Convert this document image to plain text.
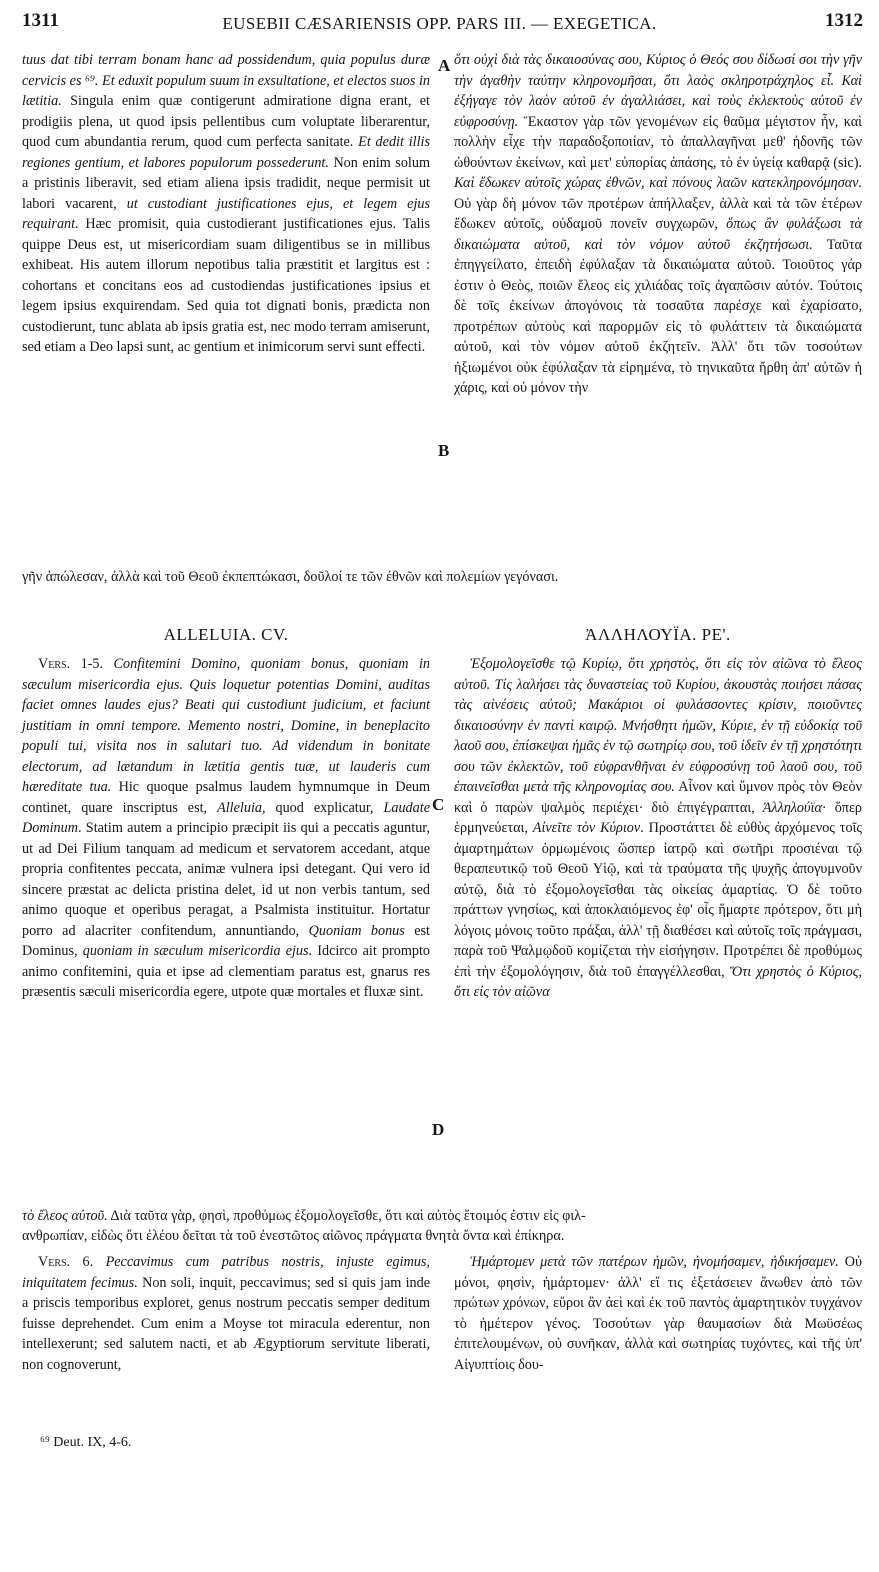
1311	EUSEBII CÆSARIENSIS OPP. PARS III. — EXEGETICA.	1312

tuus dat tibi terram bonam hanc ad possidendum, quia populus duræ cervicis es ⁶⁹. Et eduxit populum suum in exsultatione, et electos suos in lætitia. Singula enim quæ contigerunt admiratione digna erant, et prodigiis plena, ut quod ipsis pellentibus cum voluptate liberarentur, quod cum abundantia rerum, quod cum perfecta sanitate. Et dedit illis regiones gentium, et labores populorum possederunt. Non enim solum a pristinis liberavit, sed etiam aliena ipsis tradidit, neque permisit ut labori vacarent, ut custodiant justificationes ejus, et legem ejus requirant. Hæc promisit, quia custodierant justificationes ejus. Talis quippe Deus est, ut misericordiam suam diligentibus se in millibus exhibeat. His autem illorum nepotibus talia præstitit et largitus est : cohortans et concitans eos ad custodiendas justificationes ipsius et legem ipsius exquirendam. Sed quia tot dignati bonis, prædicta non custodierunt, tunc ablata ab ipsis gratia est, nec modo terram amiserunt, sed etiam a Deo lapsi sunt, ac gentium et inimicorum servi sunt effecti.

ὅτι οὐχὶ διὰ τὰς δικαιοσύνας σου, Κύριος ὁ Θεός σου δίδωσί σοι τὴν γῆν τὴν ἀγαθὴν ταύτην κληρονομῆσαι, ὅτι λαὸς σκληροτράχηλος εἶ. Καὶ ἐξήγαγε τὸν λαὸν αὐτοῦ ἐν ἀγαλλιάσει, καὶ τοὺς ἐκλεκτοὺς αὐτοῦ ἐν εὐφροσύνῃ. Ἕκαστον γὰρ τῶν γενομένων εἰς θαῦμα μέγιστον ἦν, καὶ πολλὴν εἶχε τὴν παραδοξοποιίαν, τὸ ἀπαλλαγῆναι μεθ' ἡδονῆς τῶν ὠθούντων ἐκείνων, καὶ μετ' εὐπορίας ἁπάσης, τὸ ἐν ὑγείᾳ καθαρᾷ (sic). Καὶ ἔδωκεν αὐτοῖς χώρας ἐθνῶν, καὶ πόνους λαῶν κατεκληρονόμησαν. Οὐ γὰρ δὴ μόνον τῶν προτέρων ἀπήλλαξεν, ἀλλὰ καὶ τὰ τῶν ἑτέρων ἔδωκεν αὐτοῖς, οὐδαμοῦ πονεῖν συγχωρῶν, ὅπως ἂν φυλάξωσι τὰ δικαιώματα αὐτοῦ, καὶ τὸν νόμον αὐτοῦ ἐκζητήσωσι. Ταῦτα ἐπηγγείλατο, ἐπειδὴ ἐφύλαξαν τὰ δικαιώματα αὐτοῦ. Τοιοῦτος γάρ ἐστιν ὁ Θεὸς, ποιῶν ἔλεος εἰς χιλιάδας τοῖς ἀγαπῶσιν αὐτόν. Τούτοις δὲ τοῖς ἐκείνων ἀπογόνοις τὰ τοσαῦτα παρέσχε καὶ ἐχαρίσατο, προτρέπων αὐτοὺς καὶ παρορμῶν εἰς τὸ φυλάττειν τὰ δικαιώματα αὐτοῦ, καὶ τὸν νόμον αὐτοῦ ἐκζητεῖν. Ἀλλ' ὅτι τῶν τοσούτων ἠξιωμένοι οὐκ ἐφύλαξαν τὰ εἰρημένα, τὸ τηνικαῦτα ἤρθη ἀπ' αὐτῶν ἡ χάρις, καὶ οὐ μόνον τὴν

A
B
γῆν ἀπώλεσαν, ἀλλὰ καὶ τοῦ Θεοῦ ἐκπεπτώκασι, δοῦλοί τε τῶν ἐθνῶν καὶ πολεμίων γεγόνασι.
ALLELUIA. CV.	ἈΛΛΗΛΟΥΪΑ. ΡΕ'.

Vers. 1-5. Confitemini Domino, quoniam bonus, quoniam in sæculum misericordia ejus. Quis loquetur potentias Domini, auditas faciet omnes laudes ejus? Beati qui custodiunt judicium, et faciunt justitiam in omni tempore. Memento nostri, Domine, in beneplacito populi tui, visita nos in salutari tuo. Ad videndum in bonitate electorum, ad lætandum in lætitia gentis tuæ, ut lauderis cum hæreditate tua. Hic quoque psalmus laudem hymnumque in Deum continet, quare inscriptus est, Alleluia, quod explicatur, Laudate Dominum. Statim autem a principio præcipit iis qui a peccatis aguntur, ut ad Dei Filium tanquam ad medicum et servatorem accedant, atque propria confitentes peccata, animæ vulnera ipsi detegant. Qui vero id sincere præstat ac delicta pristina delet, id ut non verbis tantum, sed animo quoque et operibus peragat, a Psalmista instituitur. Hortatur porro ad alacriter confitendum, annuntiando, Quoniam bonus est Dominus, quoniam in sæculum misericordia ejus. Idcirco ait prompto animo confitemini, quia et ipse ad clementiam paratus est, gnarus res præsentis sæculi misericordia egere, utpote quæ mortales et fluxæ sint.

Ἐξομολογεῖσθε τῷ Κυρίῳ, ὅτι χρηστὸς, ὅτι εἰς τὸν αἰῶνα τὸ ἔλεος αὐτοῦ. Τίς λαλήσει τὰς δυναστείας τοῦ Κυρίου, ἀκουστὰς ποιήσει πάσας τὰς αἰνέσεις αὐτοῦ; Μακάριοι οἱ φυλάσσοντες κρίσιν, ποιοῦντες δικαιοσύνην ἐν παντὶ καιρῷ. Μνήσθητι ἡμῶν, Κύριε, ἐν τῇ εὐδοκίᾳ τοῦ λαοῦ σου, ἐπίσκεψαι ἡμᾶς ἐν τῷ σωτηρίῳ σου, τοῦ ἰδεῖν ἐν τῇ χρηστότητι σου τῶν ἐκλεκτῶν, τοῦ εὐφρανθῆναι ἐν εὐφροσύνῃ τοῦ λαοῦ σου, τοῦ ἐπαινεῖσθαι μετὰ τῆς κληρονομίας σου. Αἶνον καὶ ὕμνον πρὸς τὸν Θεὸν καὶ ὁ παρὼν ψαλμὸς περιέχει· διὸ ἐπιγέγραπται, Ἀλληλούϊα· ὅπερ ἑρμηνεύεται, Αἰνεῖτε τὸν Κύριον. Προστάττει δὲ εὐθὺς ἀρχόμενος τοῖς ἁμαρτημάτων ὁρμωμένοις ὥσπερ ἰατρῷ καὶ σωτῆρι προσιέναι τῷ θεραπευτικῷ τοῦ Θεοῦ Υἱῷ, καὶ τὰ τραύματα τῆς ψυχῆς ἀπογυμνοῦν αὐτῷ, διὰ τὸ ἐξομολογεῖσθαι τὰς οἰκείας ἁμαρτίας. Ὁ δὲ τοῦτο πράττων γνησίως, καὶ ἀποκλαιόμενος ἐφ' οἷς ἥμαρτε πρότερον, ὅτι μὴ λόγοις μόνοις τοῦτο πράξαι, ἀλλ' τῇ διαθέσει καὶ αὐτοῖς τοῖς πράγμασι, παρὰ τοῦ Ψαλμῳδοῦ κομίζεται τὴν εἰσήγησιν. Προτρέπει δὲ προθύμως ἐπὶ τὴν ἐξομολόγησιν, διὰ τοῦ ἐπαγγέλλεσθαι, Ὅτι χρηστὸς ὁ Κύριος, ὅτι εἰς τὸν αἰῶνα

C
D
τὸ ἔλεος αὐτοῦ. Διὰ ταῦτα γὰρ, φησὶ, προθύμως ἐξομολογεῖσθε, ὅτι καὶ αὐτὸς ἕτοιμός ἐστιν εἰς φιλ-
ανθρωπίαν, εἰδὼς ὅτι ἐλέου δεῖται τὰ τοῦ ἐνεστῶτος αἰῶνος πράγματα θνητὰ ὄντα καὶ ἐπίκηρα.

Vers. 6. Peccavimus cum patribus nostris, injuste egimus, iniquitatem fecimus. Non soli, inquit, peccavimus; sed si quis jam inde a priscis temporibus exploret, genus nostrum peccatis semper deditum fuisse deprehendet. Cum enim a Moyse tot miracula ederentur, non intellexerunt; sed salutem nacti, et ab Ægyptiorum servitute liberati, non cognoverunt,

Ἡμάρτομεν μετὰ τῶν πατέρων ἡμῶν, ἠνομήσαμεν, ἠδικήσαμεν. Οὐ μόνοι, φησὶν, ἡμάρτομεν· ἀλλ' εἴ τις ἐξετάσειεν ἄνωθεν ἀπὸ τῶν πρώτων χρόνων, εὕροι ἂν ἀεὶ καὶ ἐκ τοῦ παντὸς ἁμαρτητικὸν τυγχάνον τὸ ἡμέτερον γένος. Τοσούτων γὰρ θαυμασίων διὰ Μωϋσέως ἐπιτελουμένων, οὐ συνῆκαν, ἀλλὰ καὶ σωτηρίας τυχόντες, καὶ τῆς ὑπ' Αἰγυπτίοις δου-

⁶⁹ Deut. IX, 4-6.
